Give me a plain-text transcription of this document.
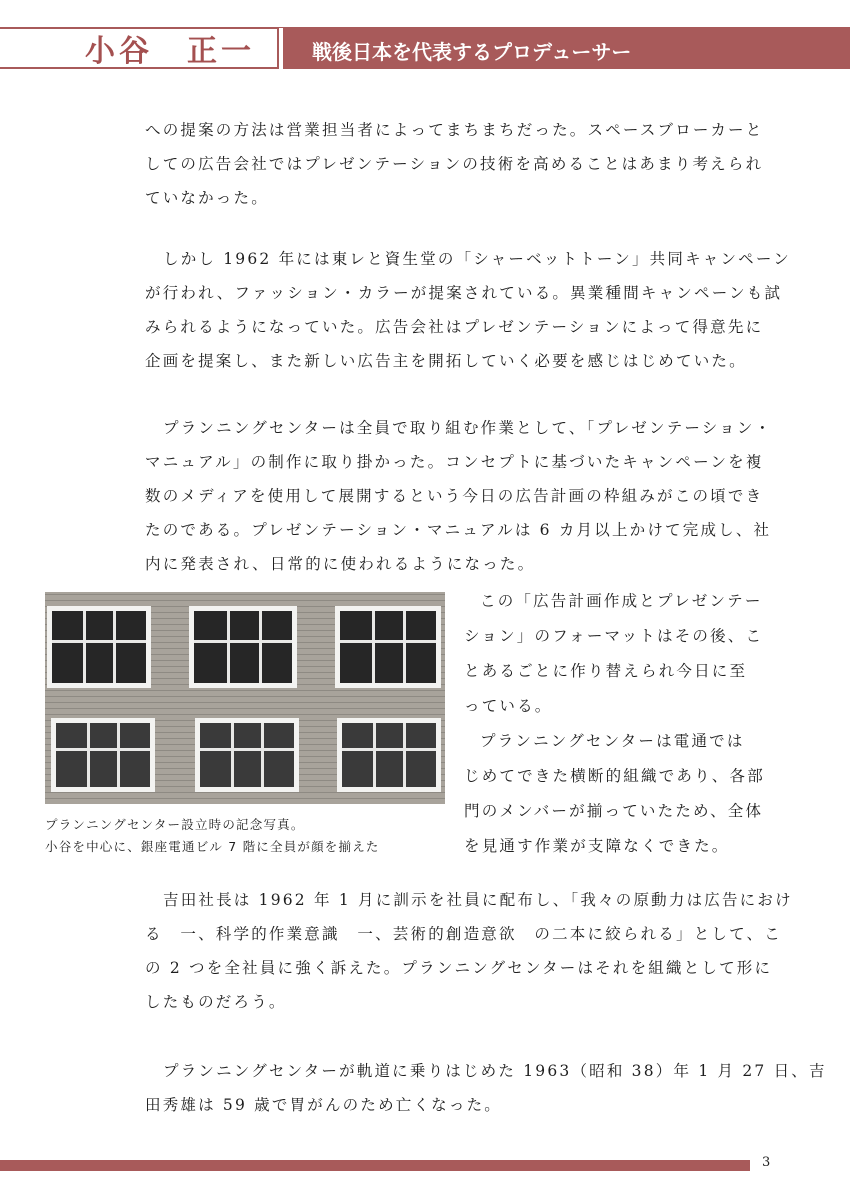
小谷　正一	戦後日本を代表するプロデューサー
への提案の方法は営業担当者によってまちまちだった。スペースブローカーと
しての広告会社ではプレゼンテーションの技術を高めることはあまり考えられ
ていなかった。
しかし 1962 年には東レと資生堂の「シャーベットトーン」共同キャンペーン
が行われ、ファッション・カラーが提案されている。異業種間キャンペーンも試
みられるようになっていた。広告会社はプレゼンテーションによって得意先に
企画を提案し、また新しい広告主を開拓していく必要を感じはじめていた。
プランニングセンターは全員で取り組む作業として、「プレゼンテーション・
マニュアル」の制作に取り掛かった。コンセプトに基づいたキャンペーンを複
数のメディアを使用して展開するという今日の広告計画の枠組みがこの頃でき
たのである。プレゼンテーション・マニュアルは 6 カ月以上かけて完成し、社
内に発表され、日常的に使われるようになった。
プランニングセンター設立時の記念写真。
小谷を中心に、銀座電通ビル 7 階に全員が顔を揃えた
この「広告計画作成とプレゼンテー
ション」のフォーマットはその後、こ
とあるごとに作り替えられ今日に至
っている。
プランニングセンターは電通では
じめてできた横断的組織であり、各部
門のメンバーが揃っていたため、全体
を見通す作業が支障なくできた。
吉田社長は 1962 年 1 月に訓示を社員に配布し、「我々の原動力は広告におけ
る　一、科学的作業意識　一、芸術的創造意欲　の二本に絞られる」として、こ
の 2 つを全社員に強く訴えた。プランニングセンターはそれを組織として形に
したものだろう。
プランニングセンターが軌道に乗りはじめた 1963（昭和 38）年 1 月 27 日、吉
田秀雄は 59 歳で胃がんのため亡くなった。
3
